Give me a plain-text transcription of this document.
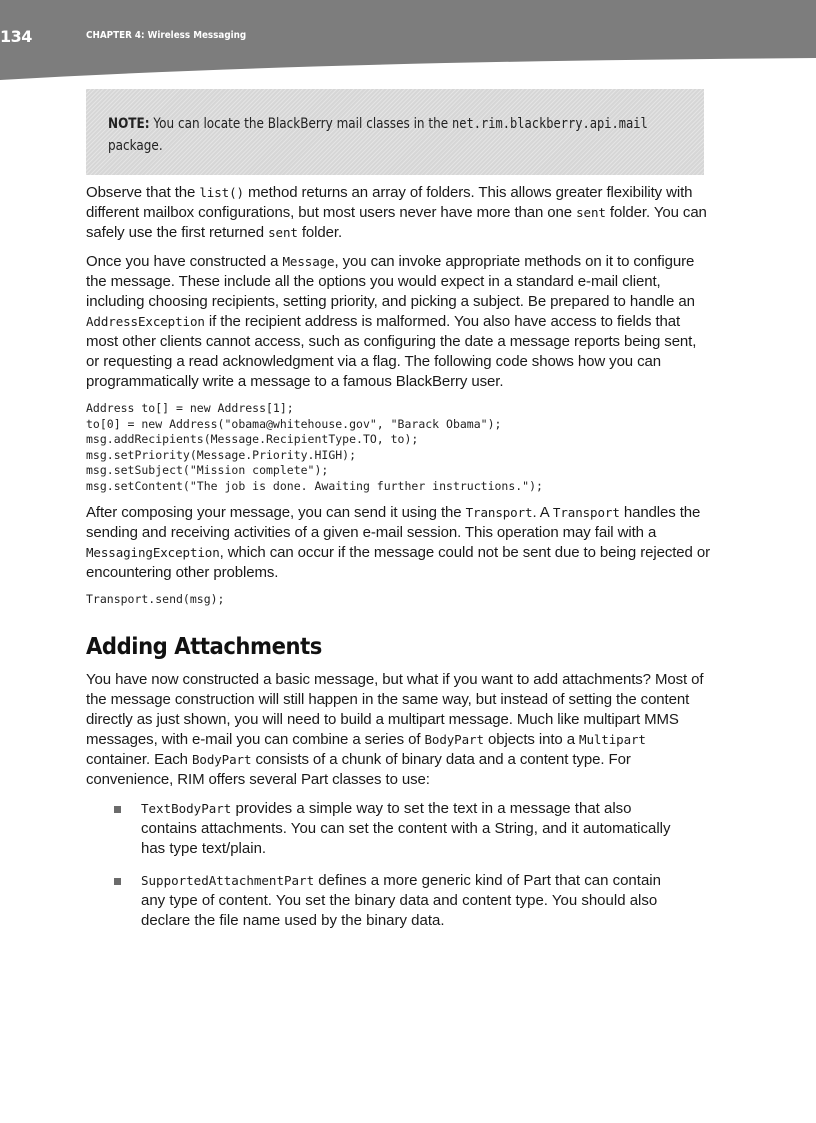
134	CHAPTER 4: Wireless Messaging
NOTE: You can locate the BlackBerry mail classes in the net.rim.blackberry.api.mail
package.

Observe that the list() method returns an array of folders. This allows greater flexibility with different mailbox configurations, but most users never have more than one sent folder. You can safely use the first returned sent folder.

Once you have constructed a Message, you can invoke appropriate methods on it to configure the message. These include all the options you would expect in a standard e-mail client, including choosing recipients, setting priority, and picking a subject. Be prepared to handle an AddressException if the recipient address is malformed. You also have access to fields that most other clients cannot access, such as configuring the date a message reports being sent, or requesting a read acknowledgment via a flag. The following code shows how you can programmatically write a message to a famous BlackBerry user.

Address to[] = new Address[1];
to[0] = new Address("obama@whitehouse.gov", "Barack Obama");
msg.addRecipients(Message.RecipientType.TO, to);
msg.setPriority(Message.Priority.HIGH);
msg.setSubject("Mission complete");
msg.setContent("The job is done. Awaiting further instructions.");

After composing your message, you can send it using the Transport. A Transport handles the sending and receiving activities of a given e-mail session. This operation may fail with a MessagingException, which can occur if the message could not be sent due to being rejected or encountering other problems.

Transport.send(msg);
Adding Attachments

You have now constructed a basic message, but what if you want to add attachments? Most of the message construction will still happen in the same way, but instead of setting the content directly as just shown, you will need to build a multipart message. Much like multipart MMS messages, with e-mail you can combine a series of BodyPart objects into a Multipart container. Each BodyPart consists of a chunk of binary data and a content type. For convenience, RIM offers several Part classes to use:

TextBodyPart provides a simple way to set the text in a message that also contains attachments. You can set the content with a String, and it automatically has type text/plain.
SupportedAttachmentPart defines a more generic kind of Part that can contain any type of content. You set the binary data and content type. You should also declare the file name used by the binary data.
